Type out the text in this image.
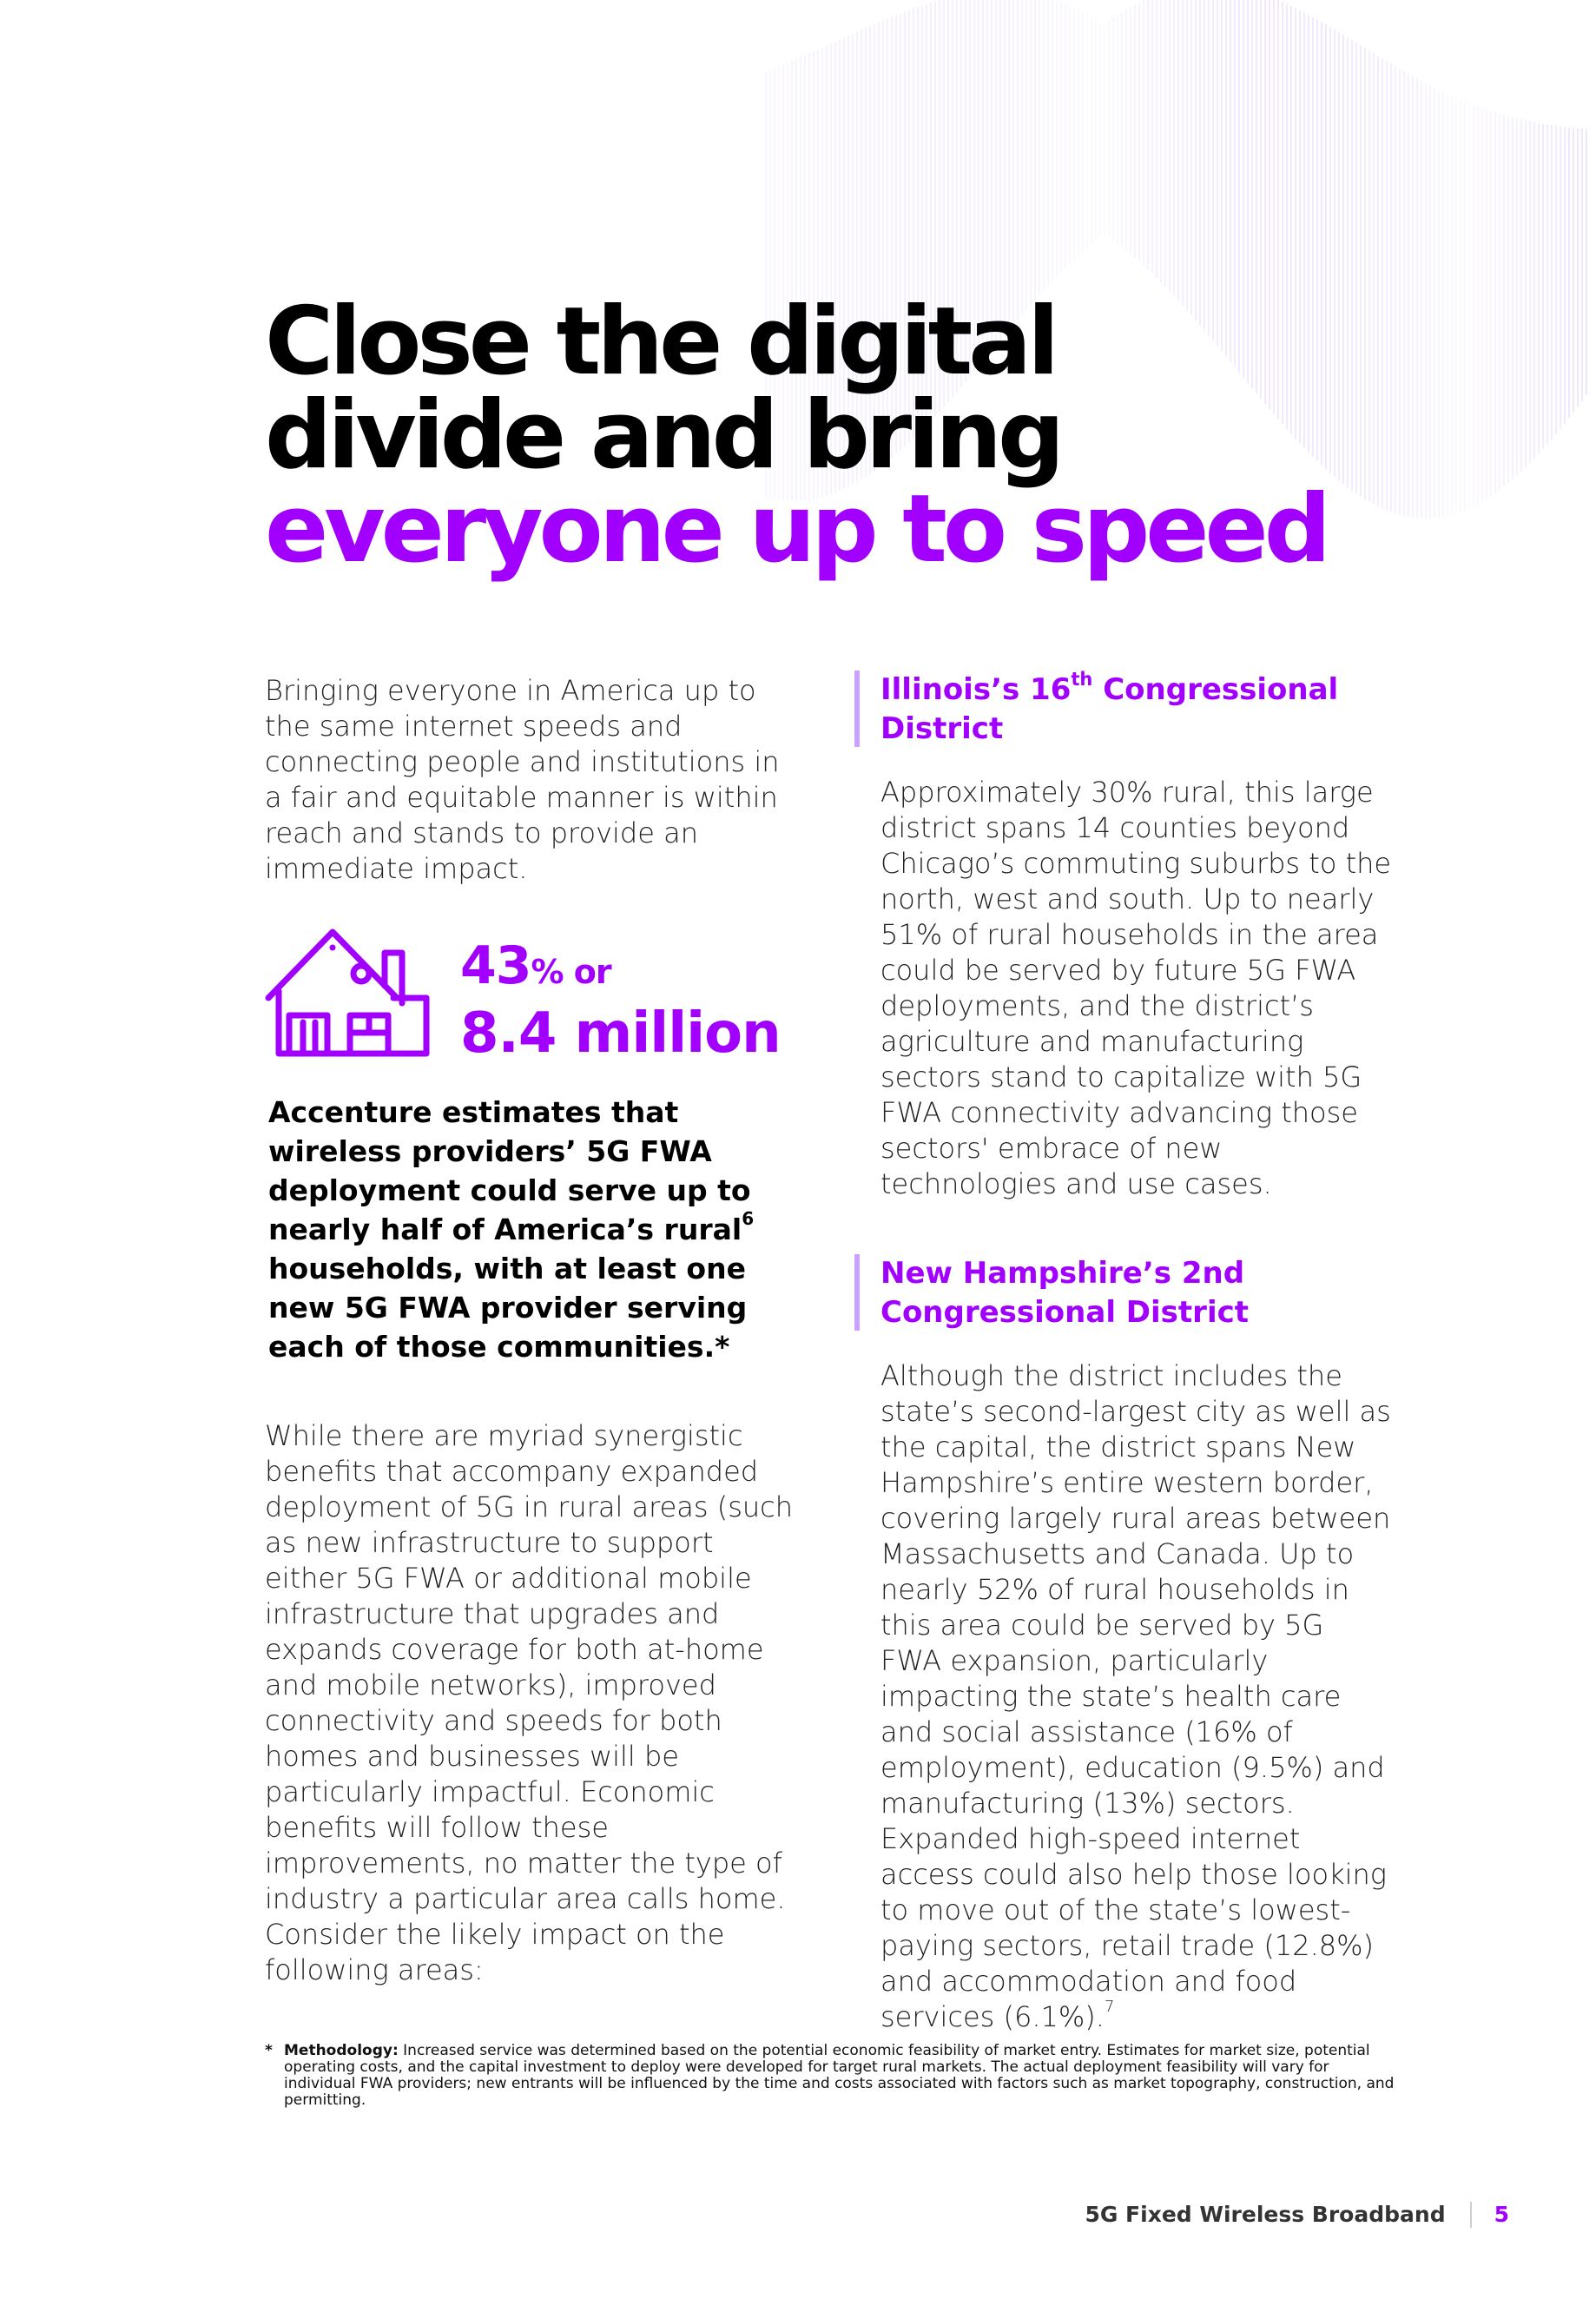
Close the digital
divide and bring
everyone up to speed

Bringing everyone in America up to the same internet speeds and connecting people and institutions in a fair and equitable manner is within reach and stands to provide an immediate impact.

43% or
8.4 million

Accenture estimates that wireless providers’ 5G FWA deployment could serve up to nearly half of America’s rural$^6$ households, with at least one new 5G FWA provider serving each of those communities.*

While there are myriad synergistic benefits that accompany expanded deployment of 5G in rural areas (such as new infrastructure to support either 5G FWA or additional mobile infrastructure that upgrades and expands coverage for both at-home and mobile networks), improved connectivity and speeds for both homes and businesses will be particularly impactful. Economic benefits will follow these improvements, no matter the type of industry a particular area calls home. Consider the likely impact on the following areas:

Illinois’s 16th Congressional District

Approximately 30% rural, this large district spans 14 counties beyond Chicago’s commuting suburbs to the north, west and south. Up to nearly 51% of rural households in the area could be served by future 5G FWA deployments, and the district’s agriculture and manufacturing sectors stand to capitalize with 5G FWA connectivity advancing those sectors' embrace of new technologies and use cases.

New Hampshire’s 2nd Congressional District

Although the district includes the state’s second-largest city as well as the capital, the district spans New Hampshire’s entire western border, covering largely rural areas between Massachusetts and Canada. Up to nearly 52% of rural households in this area could be served by 5G FWA expansion, particularly impacting the state’s health care and social assistance (16% of employment), education (9.5%) and manufacturing (13%) sectors. Expanded high-speed internet access could also help those looking to move out of the state’s lowest-paying sectors, retail trade (12.8%) and accommodation and food services (6.1%).$^7$

* Methodology: Increased service was determined based on the potential economic feasibility of market entry. Estimates for market size, potential operating costs, and the capital investment to deploy were developed for target rural markets. The actual deployment feasibility will vary for individual FWA providers; new entrants will be influenced by the time and costs associated with factors such as market topography, construction, and permitting.
5G Fixed Wireless Broadband 5
